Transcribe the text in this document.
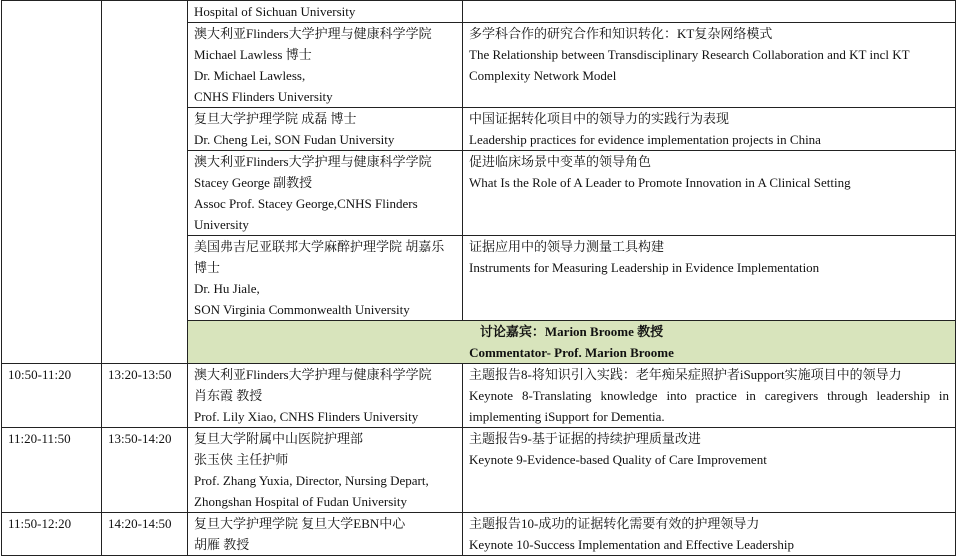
		Hospital of Sichuan University	

		澳大利亚Flinders大学护理与健康科学学院
Michael Lawless 博士
Dr. Michael Lawless,
CNHS Flinders University	多学科合作的研究合作和知识转化：KT复杂网络模式
The Relationship between Transdisciplinary Research Collaboration and KT incl KT Complexity Network Model

		复旦大学护理学院 成磊 博士
Dr. Cheng Lei, SON Fudan University	中国证据转化项目中的领导力的实践行为表现
Leadership practices for evidence implementation projects in China

		澳大利亚Flinders大学护理与健康科学学院
Stacey George 副教授
Assoc Prof. Stacey George,CNHS Flinders University	促进临床场景中变革的领导角色
What Is the Role of A Leader to Promote Innovation in A Clinical Setting

		美国弗吉尼亚联邦大学麻醉护理学院 胡嘉乐 博士
Dr. Hu Jiale,
SON Virginia Commonwealth University	证据应用中的领导力测量工具构建
Instruments for Measuring Leadership in Evidence Implementation

		讨论嘉宾：Marion Broome 教授
Commentator- Prof. Marion Broome	

10:50-11:20	13:20-13:50	澳大利亚Flinders大学护理与健康科学学院
肖东霞 教授
Prof. Lily Xiao, CNHS Flinders University	主题报告8-将知识引入实践：老年痴呆症照护者iSupport实施项目中的领导力
Keynote 8-Translating knowledge into practice in caregivers through leadership in implementing iSupport for Dementia.

11:20-11:50	13:50-14:20	复旦大学附属中山医院护理部
张玉侠 主任护师
Prof. Zhang Yuxia, Director, Nursing Depart,
Zhongshan Hospital of Fudan University	主题报告9-基于证据的持续护理质量改进
Keynote 9-Evidence-based Quality of Care Improvement

11:50-12:20	14:20-14:50	复旦大学护理学院 复旦大学EBN中心
胡雁 教授	主题报告10-成功的证据转化需要有效的护理领导力
Keynote 10-Success Implementation and Effective Leadership
